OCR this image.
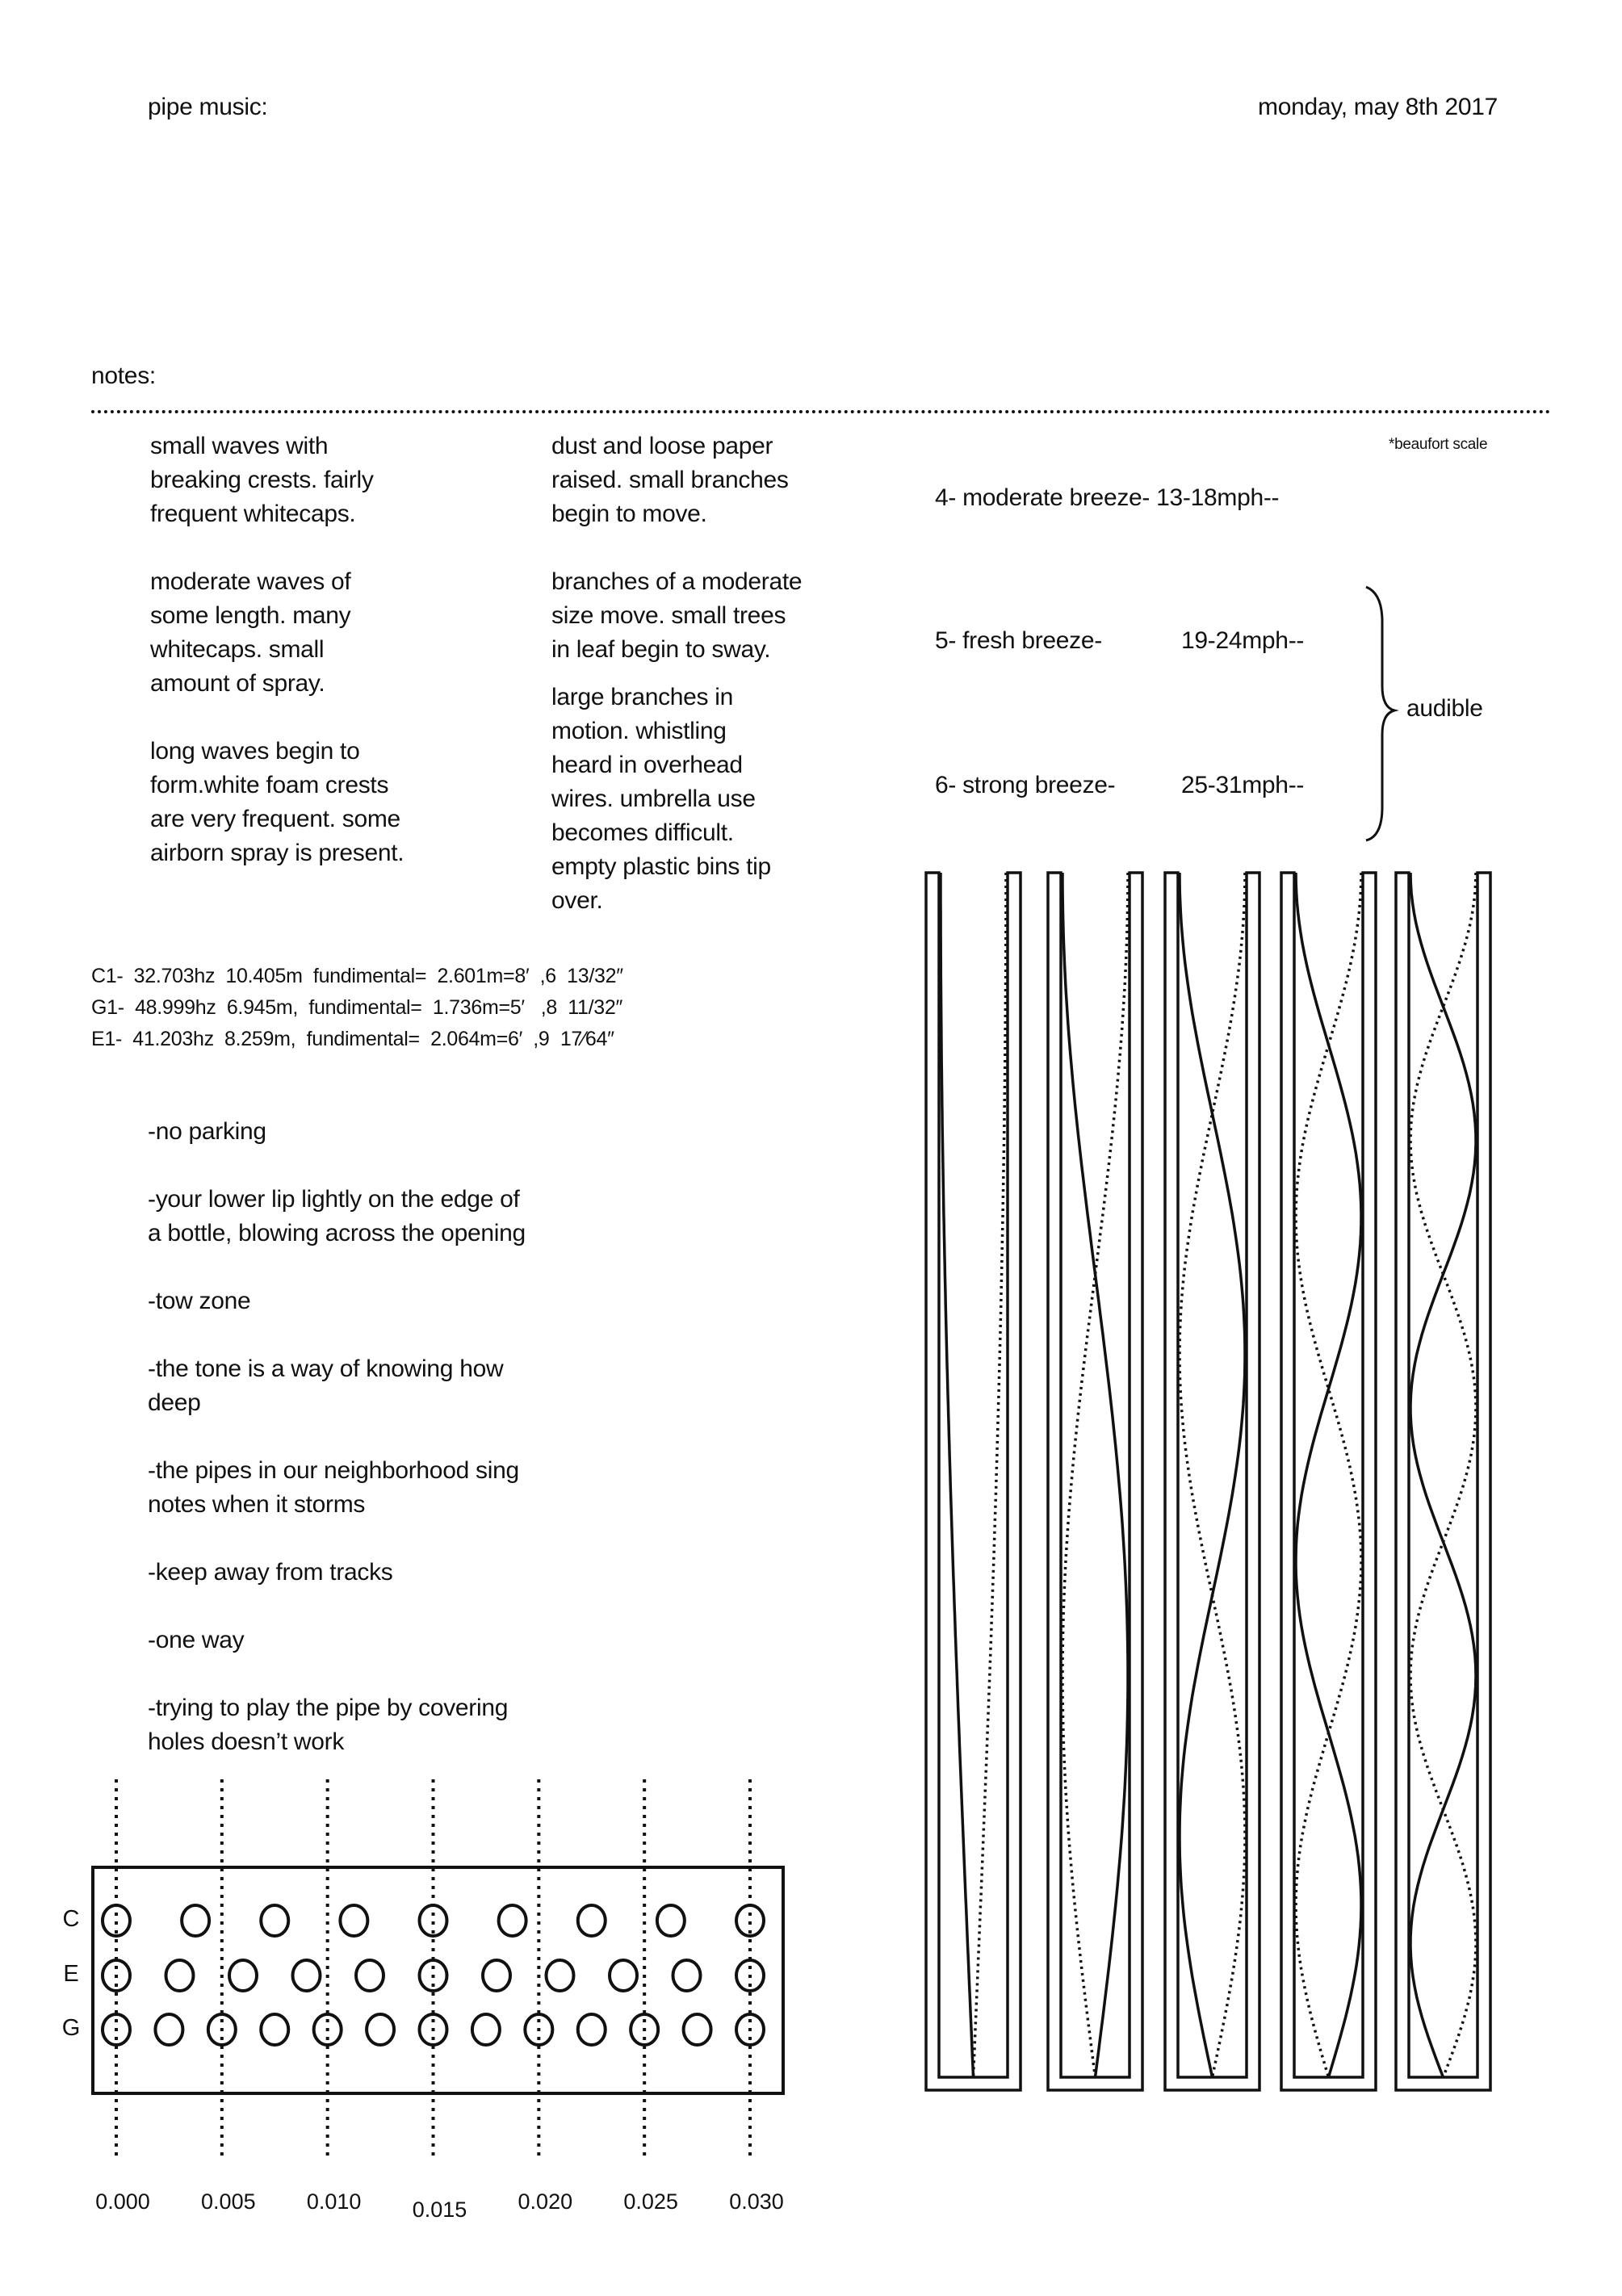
pipe music:	monday, may 8th 2017
notes:

small waves with
breaking crests. fairly
frequent whitecaps.

moderate waves of
some length. many
whitecaps. small
amount of spray.

long waves begin to
form.white foam crests
are very frequent. some
airborn spray is present.

dust and loose paper
raised. small branches
begin to move.

branches of a moderate
size move. small trees
in leaf begin to sway.

large branches in
motion. whistling
heard in overhead
wires. umbrella use
becomes difficult.
empty plastic bins tip
over.

*beaufort scale
4- moderate breeze- 13-18mph--
5- fresh breeze-	19-24mph--
6- strong breeze-	25-31mph--
audible
C1-  32.703hz  10.405m  fundimental=  2.601m=8′  ,6  13/32″
G1-  48.999hz  6.945m,  fundimental=  1.736m=5′   ,8  11/32″
E1-  41.203hz  8.259m,  fundimental=  2.064m=6′  ,9  17⁄64″

-no parking

-your lower lip lightly on the edge of
a bottle, blowing across the opening

-tow zone

-the tone is a way of knowing how
deep

-the pipes in our neighborhood sing
notes when it storms

-keep away from tracks

-one way

-trying to play the pipe by covering
holes doesn’t work

0.000 0.005 0.010 0.015 0.020 0.025 0.030
C
E
G
